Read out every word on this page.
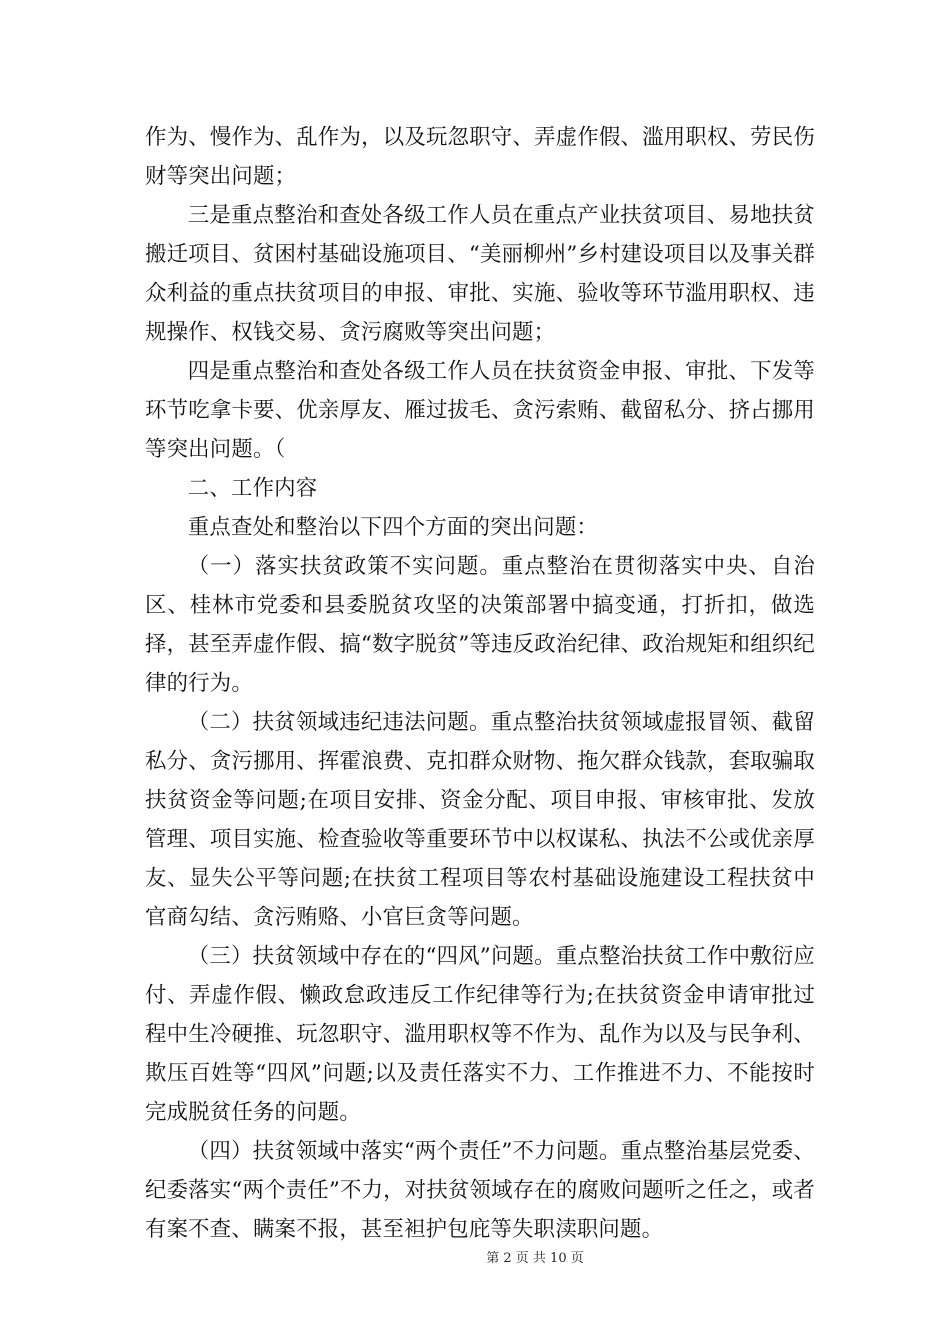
作为、慢作为、乱作为，以及玩忽职守、弄虚作假、滥用职权、劳民伤财等突出问题；

三是重点整治和查处各级工作人员在重点产业扶贫项目、易地扶贫搬迁项目、贫困村基础设施项目、“美丽柳州”乡村建设项目以及事关群众利益的重点扶贫项目的申报、审批、实施、验收等环节滥用职权、违规操作、权钱交易、贪污腐败等突出问题；

四是重点整治和查处各级工作人员在扶贫资金申报、审批、下发等环节吃拿卡要、优亲厚友、雁过拔毛、贪污索贿、截留私分、挤占挪用等突出问题。（

二、工作内容

重点查处和整治以下四个方面的突出问题：

（一）落实扶贫政策不实问题。重点整治在贯彻落实中央、自治区、桂林市党委和县委脱贫攻坚的决策部署中搞变通，打折扣，做选择，甚至弄虚作假、搞“数字脱贫”等违反政治纪律、政治规矩和组织纪律的行为。

（二）扶贫领域违纪违法问题。重点整治扶贫领域虚报冒领、截留私分、贪污挪用、挥霍浪费、克扣群众财物、拖欠群众钱款，套取骗取扶贫资金等问题;在项目安排、资金分配、项目申报、审核审批、发放管理、项目实施、检查验收等重要环节中以权谋私、执法不公或优亲厚友、显失公平等问题;在扶贫工程项目等农村基础设施建设工程扶贫中官商勾结、贪污贿赂、小官巨贪等问题。

（三）扶贫领域中存在的“四风”问题。重点整治扶贫工作中敷衍应付、弄虚作假、懒政怠政违反工作纪律等行为;在扶贫资金申请审批过程中生冷硬推、玩忽职守、滥用职权等不作为、乱作为以及与民争利、欺压百姓等“四风”问题;以及责任落实不力、工作推进不力、不能按时完成脱贫任务的问题。

（四）扶贫领域中落实“两个责任”不力问题。重点整治基层党委、纪委落实“两个责任”不力，对扶贫领域存在的腐败问题听之任之，或者有案不查、瞒案不报，甚至袒护包庇等失职渎职问题。

第 2 页 共 10 页
